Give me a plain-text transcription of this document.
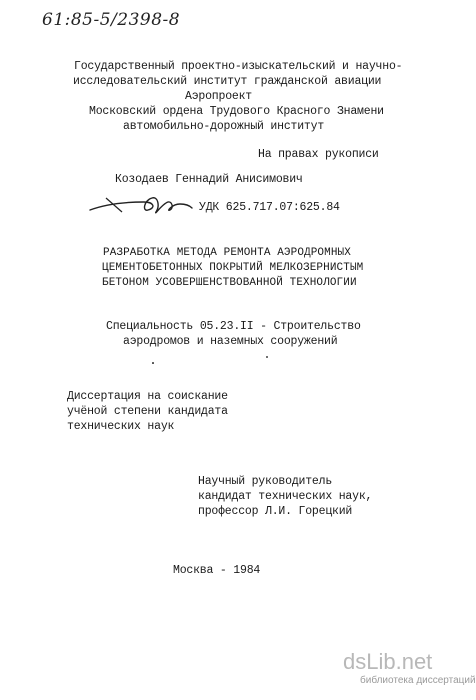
61:85-5/2398-8
Государственный проектно-изыскательский и научно-
исследовательский институт гражданской авиации
Аэропроект
Московский ордена Трудового Красного Знамени
автомобильно-дорожный институт
На правах рукописи
Козодаев Геннадий Анисимович
УДК 625.717.07:625.84
РАЗРАБОТКА МЕТОДА РЕМОНТА АЭРОДРОМНЫХ
ЦЕМЕНТОБЕТОННЫХ ПОКРЫТИЙ МЕЛКОЗЕРНИСТЫМ
БЕТОНОМ УСОВЕРШЕНСТВОВАННОЙ ТЕХНОЛОГИИ
Специальность 05.23.II - Строительство
аэродромов и наземных сооружений
Диссертация на соискание
учёной степени кандидата
технических наук
Научный руководитель
кандидат технических наук,
профессор Л.И. Горецкий
Москва - 1984
dsLib.net
библиотека диссертаций
